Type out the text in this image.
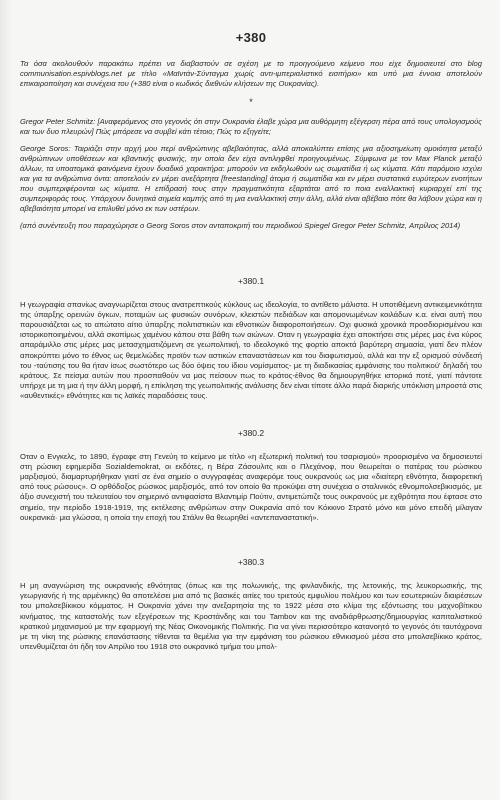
+380

Τα όσα ακολουθούν παρακάτω πρέπει να διαβαστούν σε σχέση με το προηγούμενο κείμενο που είχε δημοσιευτεί στο blog communisation.espivblogs.net με τίτλο «Μαϊντάν-Σύνταγμα χωρίς αντι-ιμπεριαλιστικό εισιτήριο» και υπό μια έννοια αποτελούν επικαιροποίηση και συνέχεια του (+380 είναι ο κωδικός διεθνών κλήσεων της Ουκρανίας).

*

Gregor Peter Schmitz: [Αναφερόμενος στο γεγονός ότι στην Ουκρανία έλαβε χώρα μια αυθόρμητη εξέγερση πέρα από τους υπολογισμούς και των δυο πλευρών] Πώς μπόρεσε να συμβεί κάτι τέτοιο; Πώς το εξηγείτε;

George Soros: Ταιριάζει στην αρχή μου περί ανθρώπινης αβεβαιότητας, αλλά αποκαλύπτει επίσης μια αξιοσημείωτη ομοιότητα μεταξύ ανθρώπινων υποθέσεων και κβαντικής φυσικής, την οποία δεν είχα αντιληφθεί προηγουμένως. Σύμφωνα με τον Max Planck μεταξύ άλλων, τα υποατομικά φαινόμενα έχουν δυαδικό χαρακτήρα: μπορούν να εκδηλωθούν ως σωματίδια ή ως κύματα. Κάτι παρόμοιο ισχύει και για τα ανθρώπινα όντα: αποτελούν εν μέρει ανεξάρτητα [freestanding] άτομα ή σωματίδια και εν μέρει συστατικά ευρύτερων ενοτήτων που συμπεριφέρονται ως κύματα. Η επίδρασή τους στην πραγματικότητα εξαρτάται από το ποια εναλλακτική κυριαρχεί επί της συμπεριφοράς τους. Υπάρχουν δυνητικά σημεία καμπής από τη μια εναλλακτική στην άλλη, αλλά είναι αβέβαιο πότε θα λάβουν χώρα και η αβεβαιότητα μπορεί να επιλυθεί μόνο εκ των υστέρων.

(από συνέντευξη που παραχώρησε ο Georg Soros στον ανταποκριτή του περιοδικού Spiegel Gregor Peter Schmitz, Απρίλιος 2014)

+380.1

Η γεωγραφία σπανίως αναγνωρίζεται στους ανατρεπτικούς κύκλους ως ιδεολογία, το αντίθετο μάλιστα. Η υποτιθέμενη αντικειμενικότητα της ύπαρξης ορεινών όγκων, ποταμών ως φυσικών συνόρων, κλειστών πεδιάδων και απομονωμένων κοιλάδων κ.α. είναι αυτή που παρουσιάζεται ως το απώτατο αίτιο ύπαρξης πολιτιστικών και εθνοτικών διαφοροποιήσεων. Οχι φυσικά χρονικά προσδιορισμένου και ιστορικοποιημένου, αλλά σκοπίμως χαμένου κάπου στα βάθη των αιώνων. Οταν η γεωγραφία έχει αποκτήσει στις μέρες μας ένα κύρος απαράμιλλο στις μέρες μας μετασχηματιζόμενη σε γεωπολιτική, το ιδεολογικό της φορτίο αποκτά βαρύτερη σημασία, γιατί δεν πλέον αποκρύπτει μόνο το έθνος ως θεμελιώδες προϊόν των αστικών επαναστάσεων και του διαφωτισμού, αλλά και την εξ ορισμού σύνδεσή του -ταύτισης του θα ήταν ίσως σωστότερο ως δύο όψεις του ίδιου νομίσματος- με τη διαδικασίας εμφάνισης του πολιτικού' δηλαδή του κράτους. Σε πείσμα αυτών που προσπαθούν να μας πείσουν πως το κράτος-έθνος θα δημιουργηθήκε ιστορικά ποτέ, γιατί πάντοτε υπήρχε με τη μια ή την άλλη μορφή, η επίκληση της γεωπολιτικής ανάλυσης δεν είναι τίποτε άλλο παρά διαρκής υπόκλιση μπροστά στις «αυθεντικές» εθνότητες και τις λαϊκές παραδόσεις τους.

+380.2

Οταν ο Ενγκελς, το 1890, έγραφε στη Γενεύη το κείμενο με τίτλο «η εξωτερική πολιτική του τσαρισμού» προορισμένο να δημοσιευτεί στη ρώσικη εφημερίδα Sozialdemokrat, οι εκδότες, η Βέρα Ζάσουλιτς και ο Πλεχάνοφ, που θεωρείται ο πατέρας του ρώσικου μαρξισμού, διαμαρτυρήθηκαν γιατί σε ένα σημείο ο συγγραφέας αναφερόμε τους ουκρανούς ως μια «διαίτερη εθνότητα, διαφορετική από τους ρώσους». Ο ορθόδοξος ρώσικος μαρξισμός, από τον οποίο θα προκύψει στη συνέχεια ο σταλινικός εθνομπολσεβικισμός, με άξιο συνεχιστή του τελευταίου τον σημερινό αντιφασίστα Βλαντιμίρ Πούτιν, αντιμετώπιζε τους ουκρανούς με εχθρότητα που έφτασε στο σημείο, την περίοδο 1918-1919, της εκτέλεσης ανθρώπων στην Ουκρανία από τον Κόκκινο Στρατό μόνο και μόνο επειδή μίλαγαν ουκρανικά· μια γλώσσα, η οποία την εποχή του Στάλιν θα θεωρηθεί «αντεπαναστατική».

+380.3

Η μη αναγνώριση της ουκρανικής εθνότητας (όπως και της πολωνικής, της φινλανδικής, της λετονικής, της λευκορωσικής, της γεωργιανής ή της αρμένικης) θα αποτελέσει μια από τις βασικές αιτίες του τριετούς εμφυλίου πολέμου και των εσωτερικών διαιρέσεων του μπολσεβίκικου κόμματος. Η Ουκρανία χάνει την ανεξαρτησία της το 1922 μέσα στο κλίμα της εξόντωσης του μαχνοβίτικου κινήματος, της καταστολής των εξεγέρσεων της Κροστάνδης και του Tambov και της αναδιάρθρωσης/δημιουργίας καπιταλιστικού κρατικού μηχανισμού με την εφαρμογή της Νέας Οικονομικής Πολιτικής. Για να γίνει περισσότερο κατανοητό το γεγονός ότι ταυτόχρονα με τη νίκη της ρώσικης επανάστασης τίθενται τα θεμέλια για την εμφάνιση του ρώσικου εθνικισμού μέσα στο μπολσεβίκικο κράτος, υπενθυμίζεται ότι ήδη τον Απρίλιο του 1918 στο ουκρανικό τμήμα του μπολ-
